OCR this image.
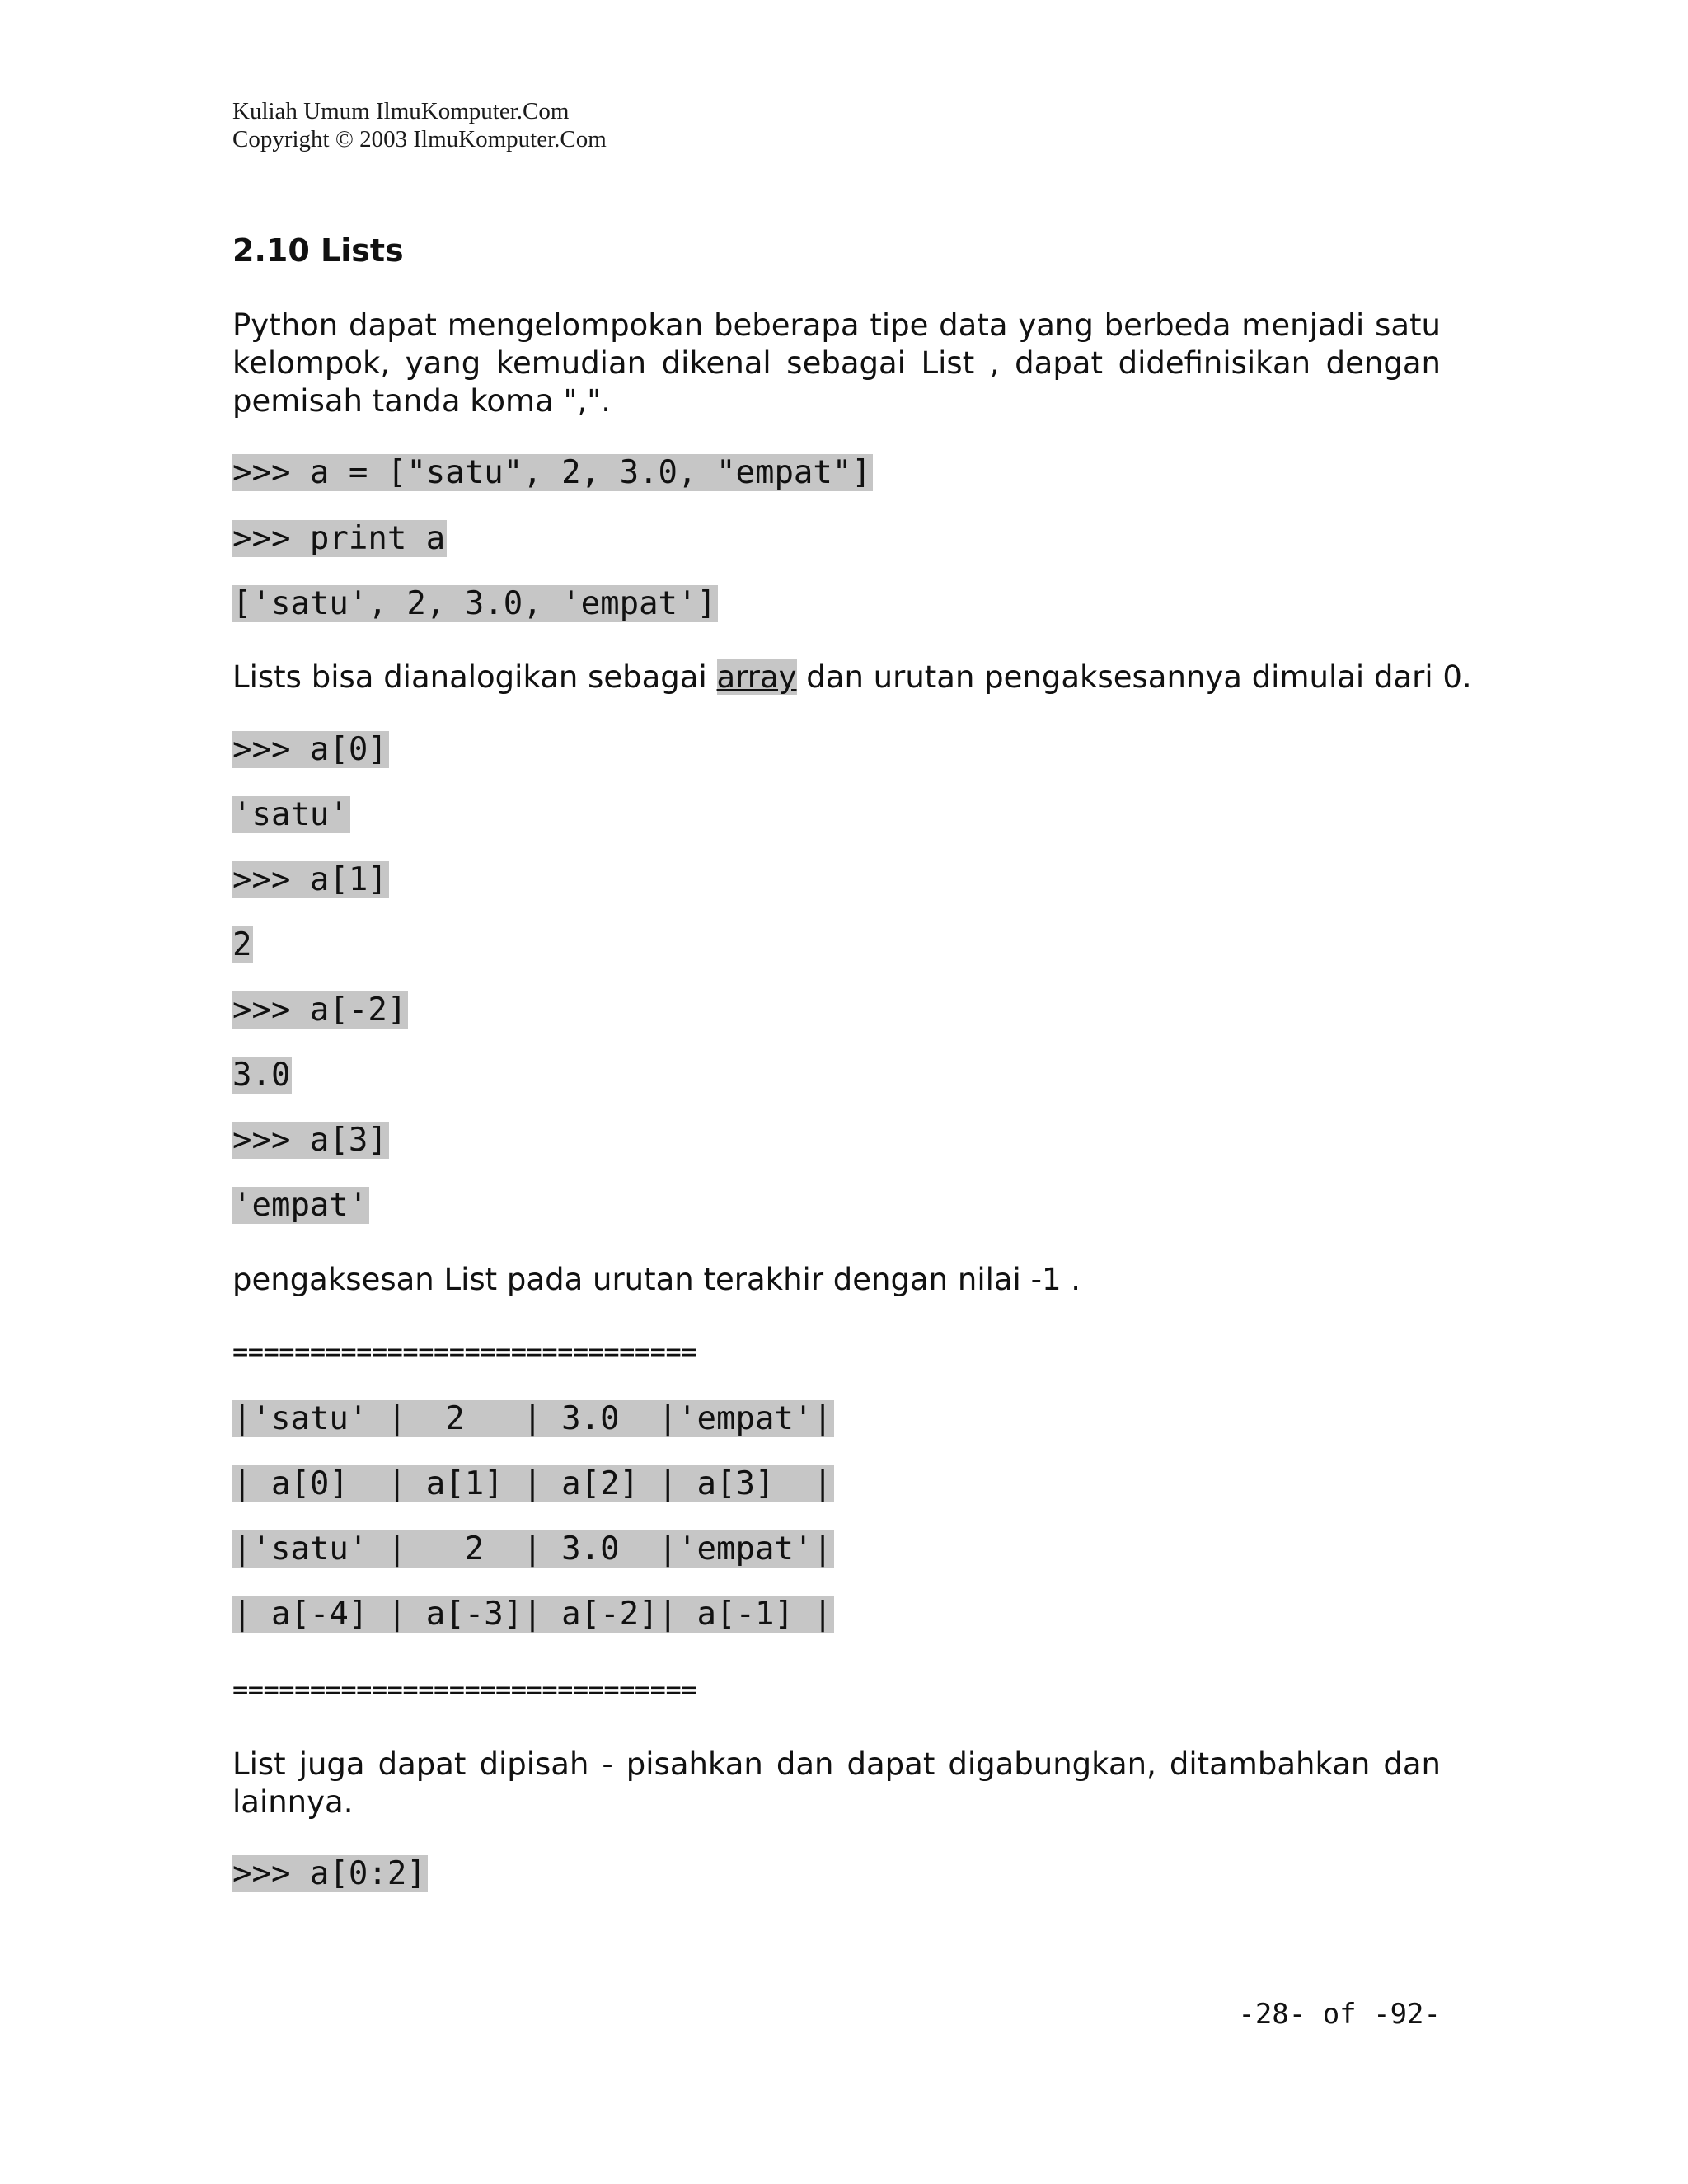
Kuliah Umum IlmuKomputer.Com
Copyright © 2003 IlmuKomputer.Com
2.10 Lists
Python dapat mengelompokan beberapa tipe data yang berbeda menjadi satu kelompok, yang kemudian dikenal sebagai List , dapat didefinisikan dengan pemisah tanda koma ",".
>>> a = ["satu", 2, 3.0, "empat"]
>>> print a
['satu', 2, 3.0, 'empat']
Lists bisa dianalogikan sebagai array dan urutan pengaksesannya dimulai dari 0.
>>> a[0]
'satu'
>>> a[1]
2
>>> a[-2]
3.0
>>> a[3]
'empat'
pengaksesan List pada urutan terakhir dengan nilai -1 .
==============================
|'satu' |  2   | 3.0  |'empat'|
| a[0]  | a[1] | a[2] | a[3]  |
|'satu' |   2  | 3.0  |'empat'|
| a[-4] | a[-3]| a[-2]| a[-1] |
==============================
List juga dapat dipisah - pisahkan dan dapat digabungkan, ditambahkan dan lainnya.
>>> a[0:2]
-28- of -92-
